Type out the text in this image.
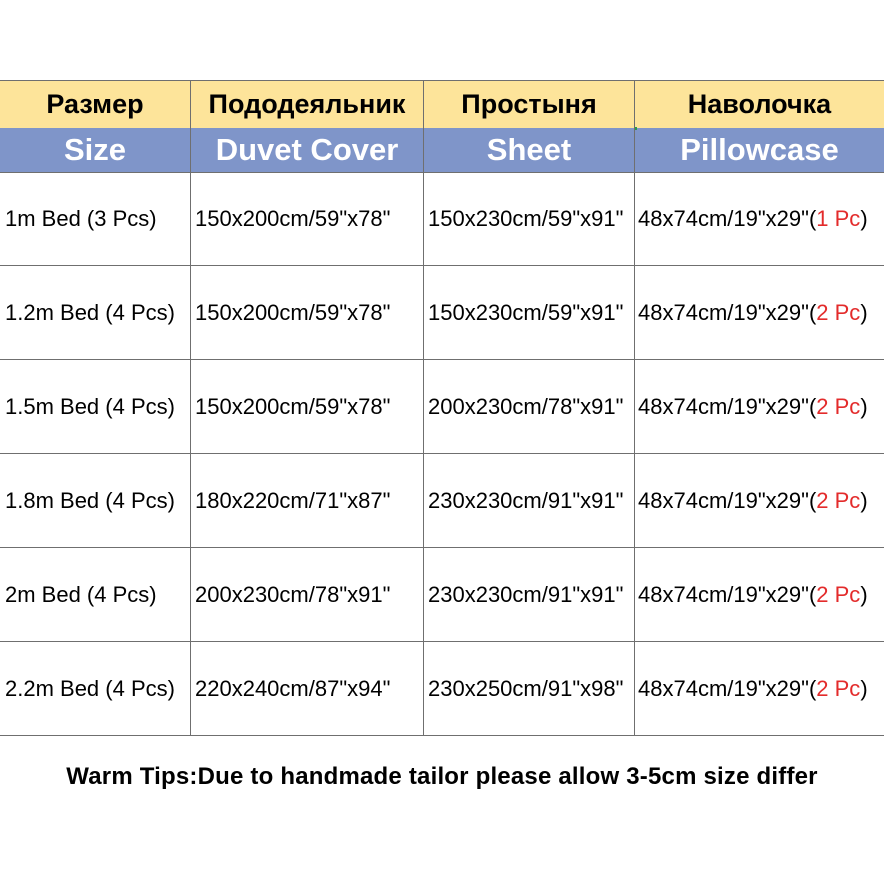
Размер	Пододеяльник	Простыня	Наволочка
Size	Duvet Cover	Sheet	Pillowcase
1m Bed (3 Pcs)	150x200cm/59"x78"	150x230cm/59"x91" 48x74cm/19"x29"( 1 Pc )
1.2m Bed (4 Pcs) 150x200cm/59"x78"	150x230cm/59"x91" 48x74cm/19"x29"( 2 Pc )
1.5m Bed (4 Pcs) 150x200cm/59"x78"	200x230cm/78"x91" 48x74cm/19"x29"( 2 Pc )
1.8m Bed (4 Pcs) 180x220cm/71"x87"	230x230cm/91"x91" 48x74cm/19"x29"( 2 Pc )
2m Bed (4 Pcs)	200x230cm/78"x91"	230x230cm/91"x91" 48x74cm/19"x29"( 2 Pc )
2.2m Bed (4 Pcs) 220x240cm/87"x94"	230x250cm/91"x98" 48x74cm/19"x29"( 2 Pc )
Warm Tips:Due to handmade tailor please allow 3-5cm size differ
